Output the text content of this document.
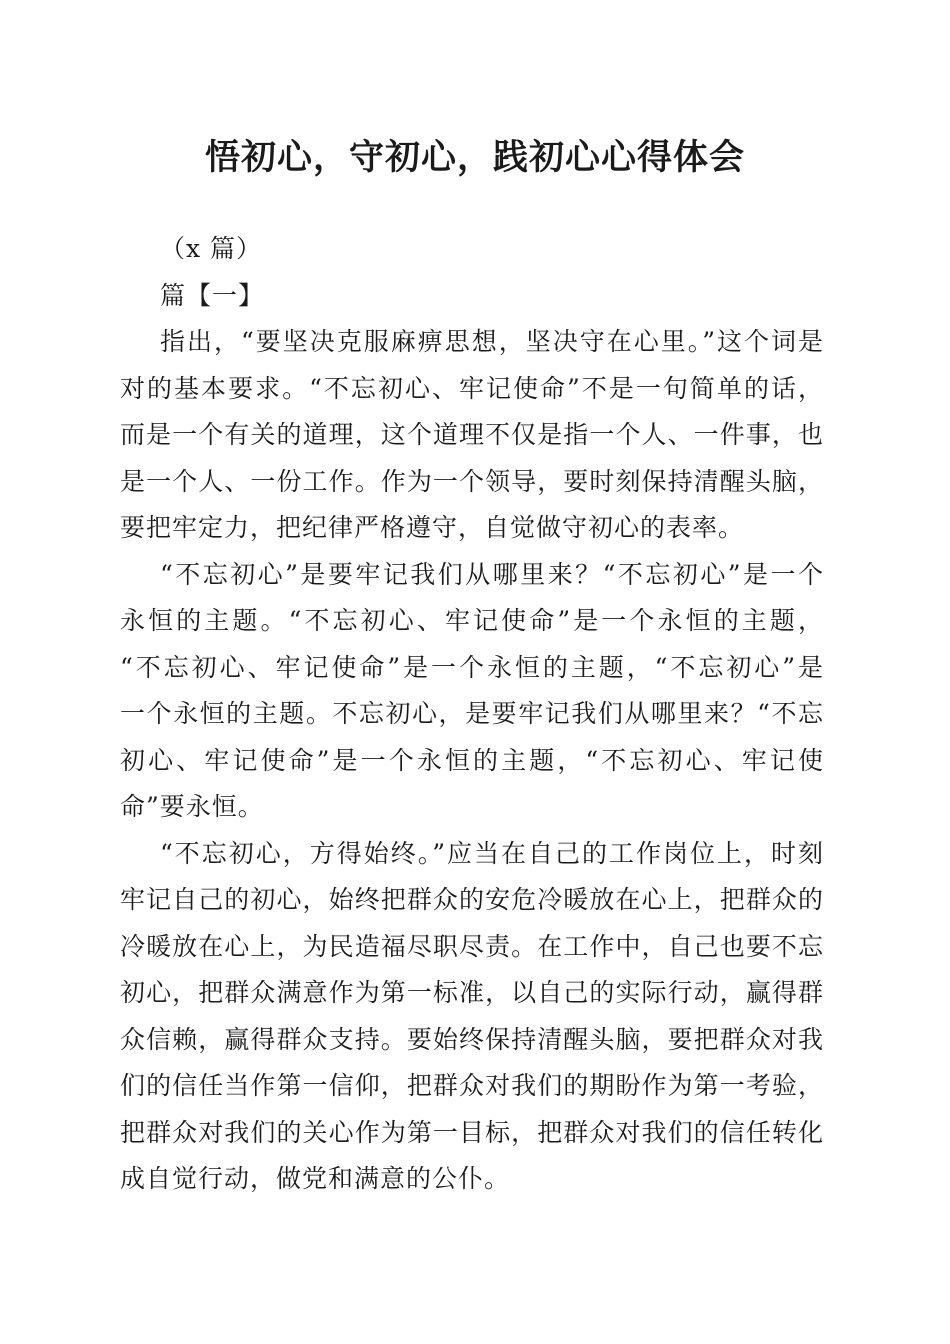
悟初心，守初心，践初心心得体会
（x 篇）
篇【一】
指出，“要坚决克服麻痹思想，坚决守在心里。”这个词是
对的基本要求。“不忘初心、牢记使命”不是一句简单的话，
而是一个有关的道理，这个道理不仅是指一个人、一件事，也
是一个人、一份工作。作为一个领导，要时刻保持清醒头脑，
要把牢定力，把纪律严格遵守，自觉做守初心的表率。
“不忘初心”是要牢记我们从哪里来？“不忘初心”是一个
永恒的主题。“不忘初心、牢记使命”是一个永恒的主题，
“不忘初心、牢记使命”是一个永恒的主题，“不忘初心”是
一个永恒的主题。不忘初心，是要牢记我们从哪里来？“不忘
初心、牢记使命”是一个永恒的主题，“不忘初心、牢记使
命”要永恒。
“不忘初心，方得始终。”应当在自己的工作岗位上，时刻
牢记自己的初心，始终把群众的安危冷暖放在心上，把群众的
冷暖放在心上，为民造福尽职尽责。在工作中，自己也要不忘
初心，把群众满意作为第一标准，以自己的实际行动，赢得群
众信赖，赢得群众支持。要始终保持清醒头脑，要把群众对我
们的信任当作第一信仰，把群众对我们的期盼作为第一考验，
把群众对我们的关心作为第一目标，把群众对我们的信任转化
成自觉行动，做党和满意的公仆。
